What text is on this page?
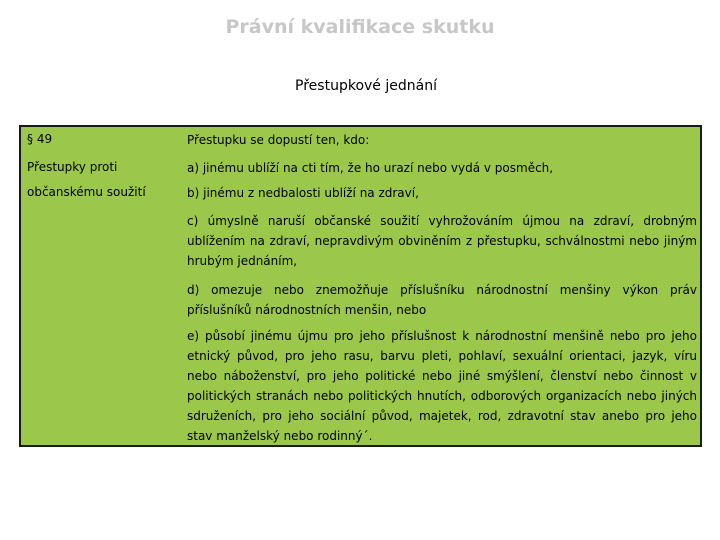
Právní kvalifikace skutku
Přestupkové jednání
§ 49
Přestupky proti
občanskému soužití
Přestupku se dopustí ten, kdo:
a) jinému ublíží na cti tím, že ho urazí nebo vydá v posměch,
b) jinému z nedbalosti ublíží na zdraví,
c) úmyslně naruší občanské soužití vyhrožováním újmou na zdraví, drobným ublížením na zdraví, nepravdivým obviněním z přestupku, schválnostmi nebo jiným hrubým jednáním,
d) omezuje nebo znemožňuje příslušníku národnostní menšiny výkon práv příslušníků národnostních menšin, nebo
e) působí jinému újmu pro jeho příslušnost k národnostní menšině nebo pro jeho etnický původ, pro jeho rasu, barvu pleti, pohlaví, sexuální orientaci, jazyk, víru nebo náboženství, pro jeho politické nebo jiné smýšlení, členství nebo činnost v politických stranách nebo politických hnutích, odborových organizacích nebo jiných sdruženích, pro jeho sociální původ, majetek, rod, zdravotní stav anebo pro jeho stav manželský nebo rodinný´.
